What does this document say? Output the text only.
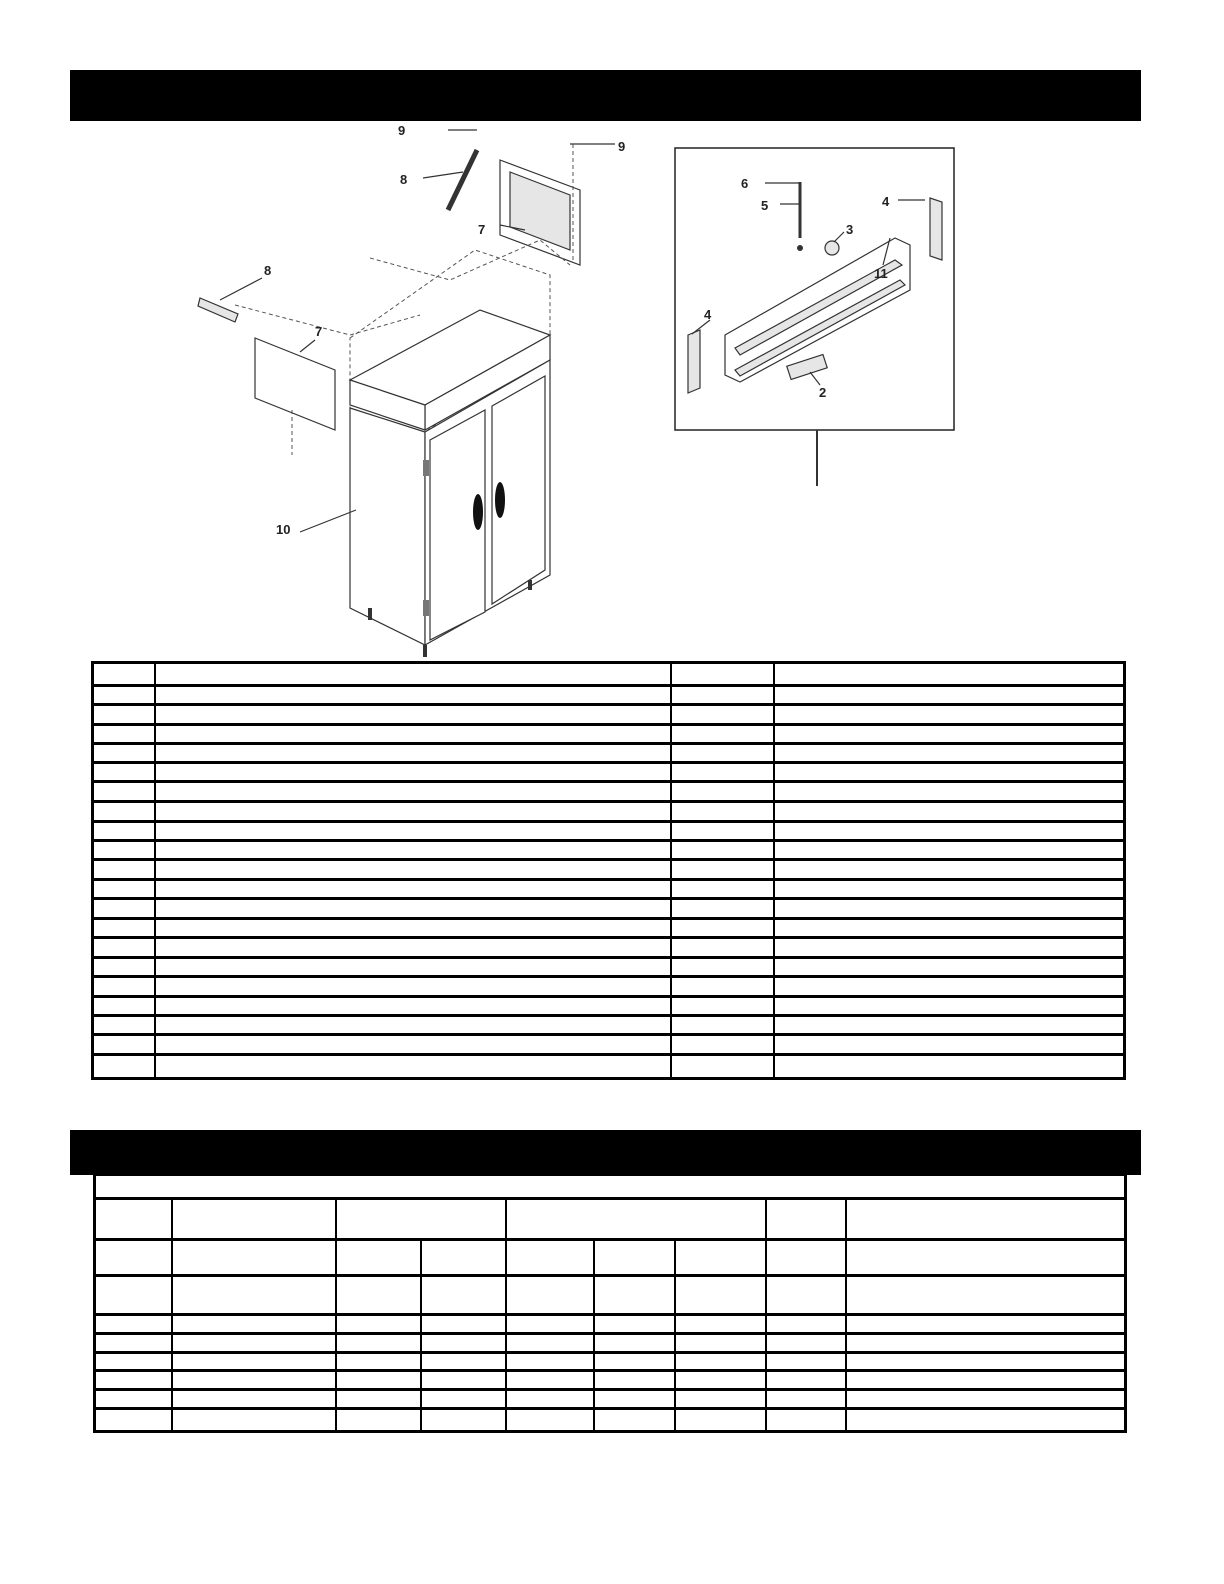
9
8
9
7
8
7
10
6
5	4
3
11
4
2
